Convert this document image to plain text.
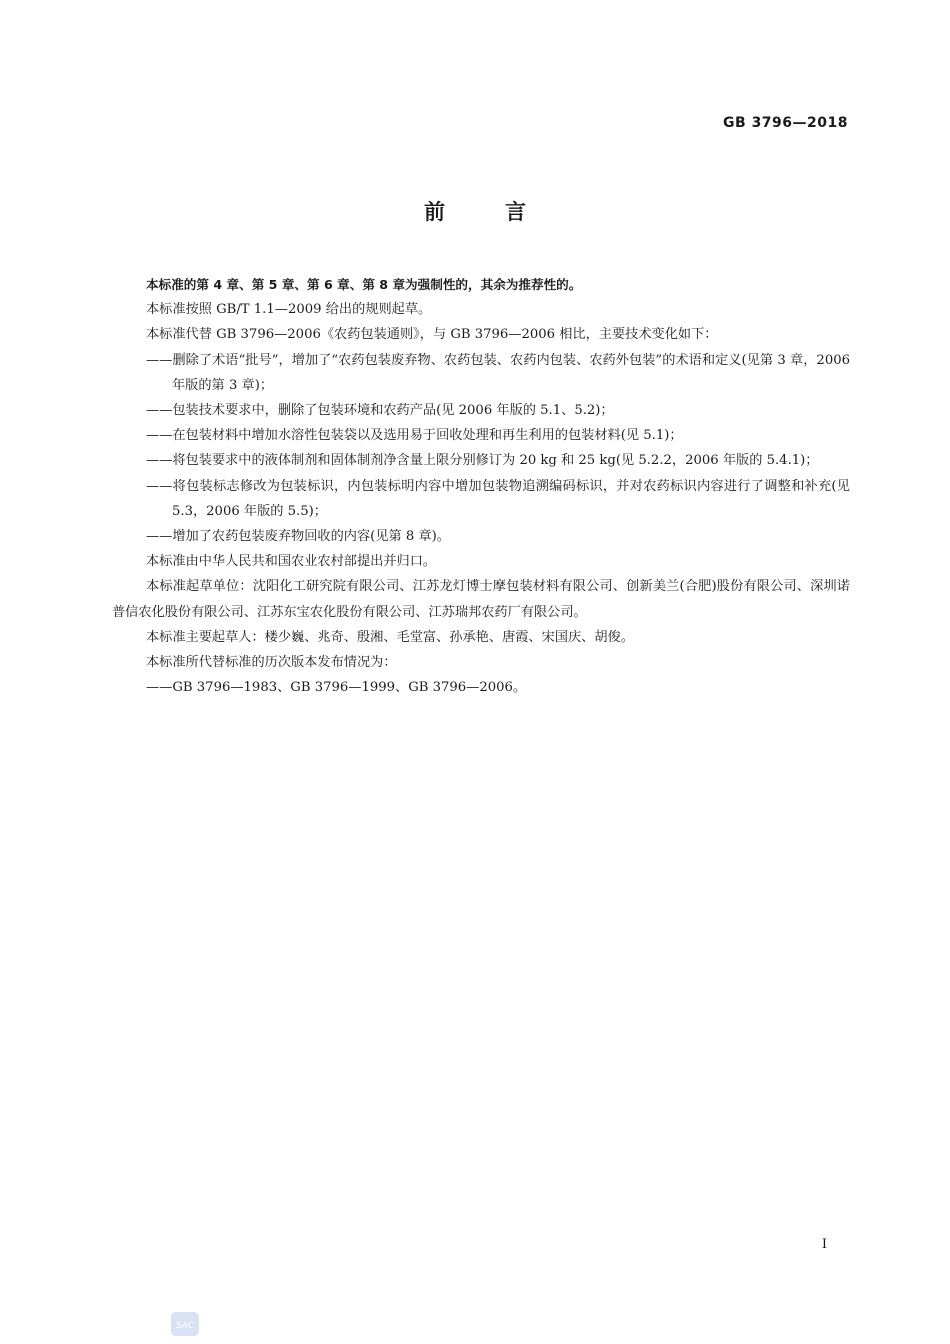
GB 3796—2018
前言
本标准的第 4 章、第 5 章、第 6 章、第 8 章为强制性的，其余为推荐性的。
本标准按照 GB/T 1.1—2009 给出的规则起草。
本标准代替 GB 3796—2006《农药包装通则》，与 GB 3796—2006 相比，主要技术变化如下：
——删除了术语“批号”，增加了“农药包装废弃物、农药包装、农药内包装、农药外包装”的术语和定义(见第 3 章，2006 年版的第 3 章)；
——包装技术要求中，删除了包装环境和农药产品(见 2006 年版的 5.1、5.2)；
——在包装材料中增加水溶性包装袋以及选用易于回收处理和再生利用的包装材料(见 5.1)；
——将包装要求中的液体制剂和固体制剂净含量上限分别修订为 20 kg 和 25 kg(见 5.2.2，2006 年版的 5.4.1)；
——将包装标志修改为包装标识，内包装标明内容中增加包装物追溯编码标识，并对农药标识内容进行了调整和补充(见 5.3，2006 年版的 5.5)；
——增加了农药包装废弃物回收的内容(见第 8 章)。
本标准由中华人民共和国农业农村部提出并归口。
本标准起草单位：沈阳化工研究院有限公司、江苏龙灯博士摩包装材料有限公司、创新美兰(合肥)股份有限公司、深圳诺普信农化股份有限公司、江苏东宝农化股份有限公司、江苏瑞邦农药厂有限公司。
本标准主要起草人：楼少巍、兆奇、殷湘、毛堂富、孙承艳、唐霞、宋国庆、胡俊。
本标准所代替标准的历次版本发布情况为：
——GB 3796—1983、GB 3796—1999、GB 3796—2006。
I
SAC
